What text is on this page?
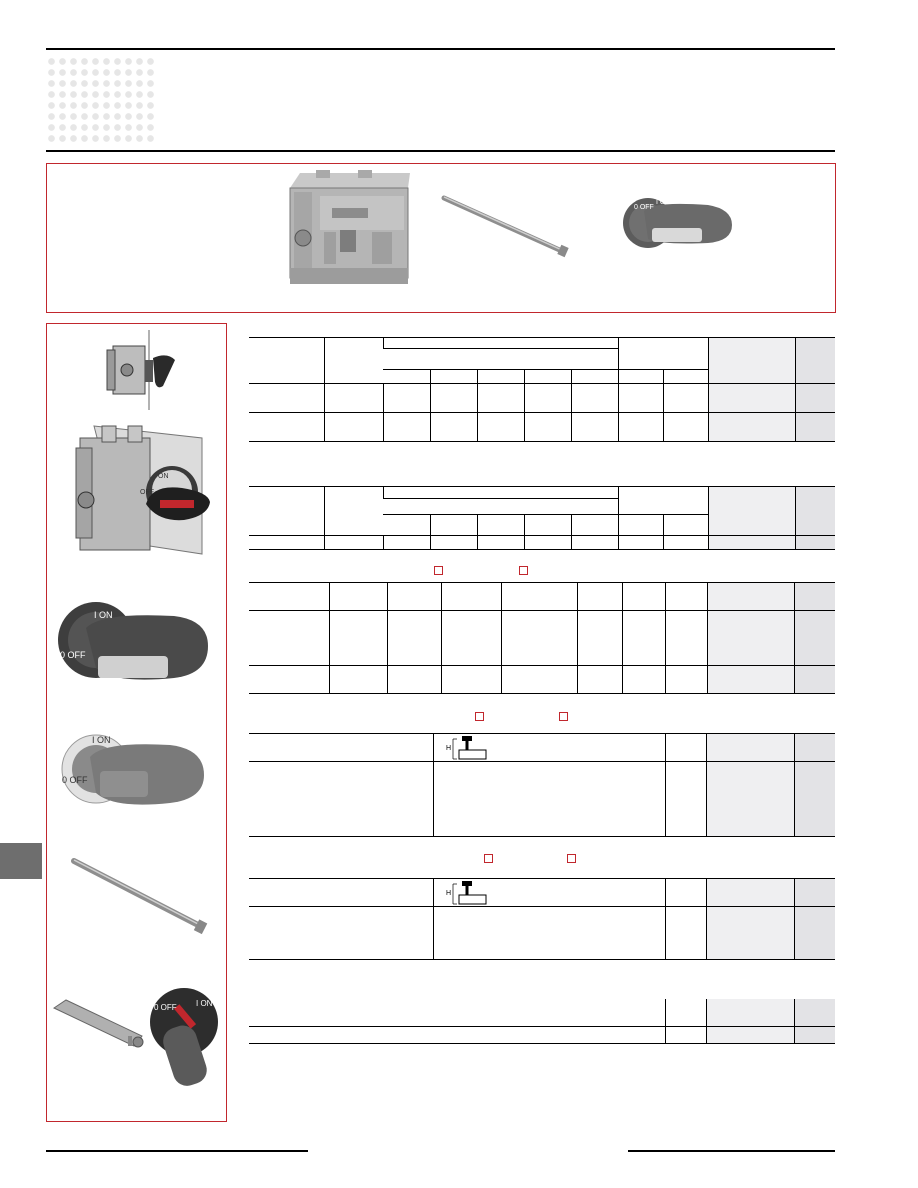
0 OFF
I ON
ON
OFF
0 OFF
I ON
0 OFF
I ON
0 OFF I ON

H

H
